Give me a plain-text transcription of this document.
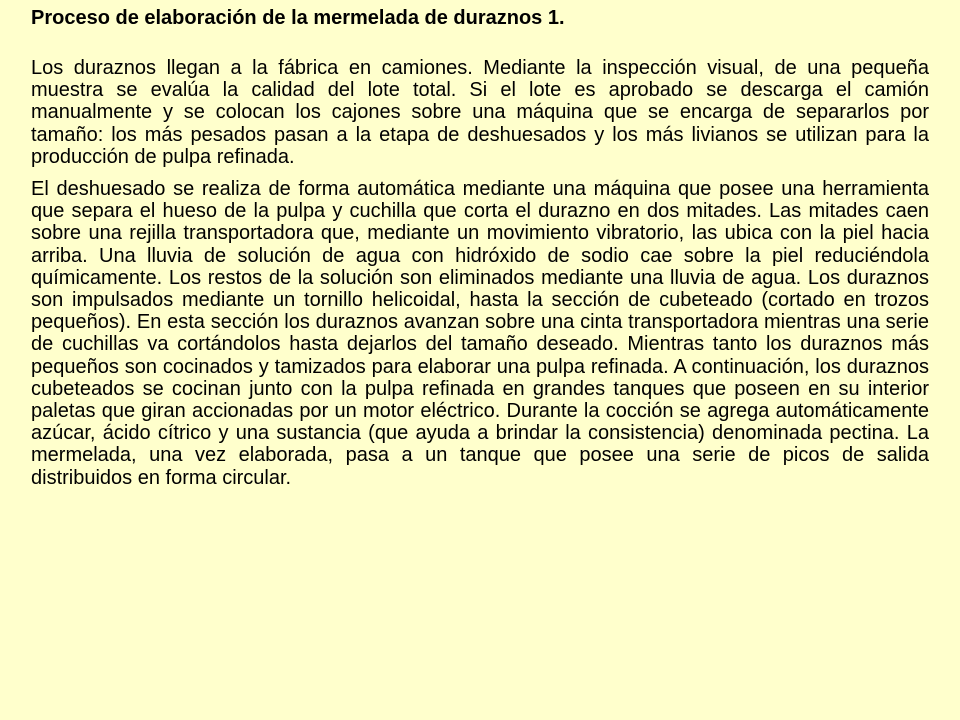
Proceso de elaboración de la mermelada de duraznos 1.

Los duraznos llegan a la fábrica en camiones. Mediante la inspección visual, de una pequeña muestra se evalúa la calidad del lote total. Si el lote es aprobado se descarga el camión manualmente y se colocan los cajones sobre una máquina que se encarga de separarlos por tamaño: los más pesados pasan a la etapa de deshuesados y los más livianos se utilizan para la producción de pulpa refinada.

El deshuesado se realiza de forma automática mediante una máquina que posee una herramienta que separa el hueso de la pulpa y cuchilla que corta el durazno en dos mitades. Las mitades caen sobre una rejilla transportadora que, mediante un movimiento vibratorio, las ubica con la piel hacia arriba. Una lluvia de solución de agua con hidróxido de sodio cae sobre la piel reduciéndola químicamente. Los restos de la solución son eliminados mediante una lluvia de agua. Los duraznos son impulsados mediante un tornillo helicoidal, hasta la sección de cubeteado (cortado en trozos pequeños). En esta sección los duraznos avanzan sobre una cinta transportadora mientras una serie de cuchillas va cortándolos hasta dejarlos del tamaño deseado. Mientras tanto los duraznos más pequeños son cocinados y tamizados para elaborar una pulpa refinada. A continuación, los duraznos cubeteados se cocinan junto con la pulpa refinada en grandes tanques que poseen en su interior paletas que giran accionadas por un motor eléctrico. Durante la cocción se agrega automáticamente azúcar, ácido cítrico y una sustancia (que ayuda a brindar la consistencia) denominada pectina. La mermelada, una vez elaborada, pasa a un tanque que posee una serie de picos de salida distribuidos en forma circular.
